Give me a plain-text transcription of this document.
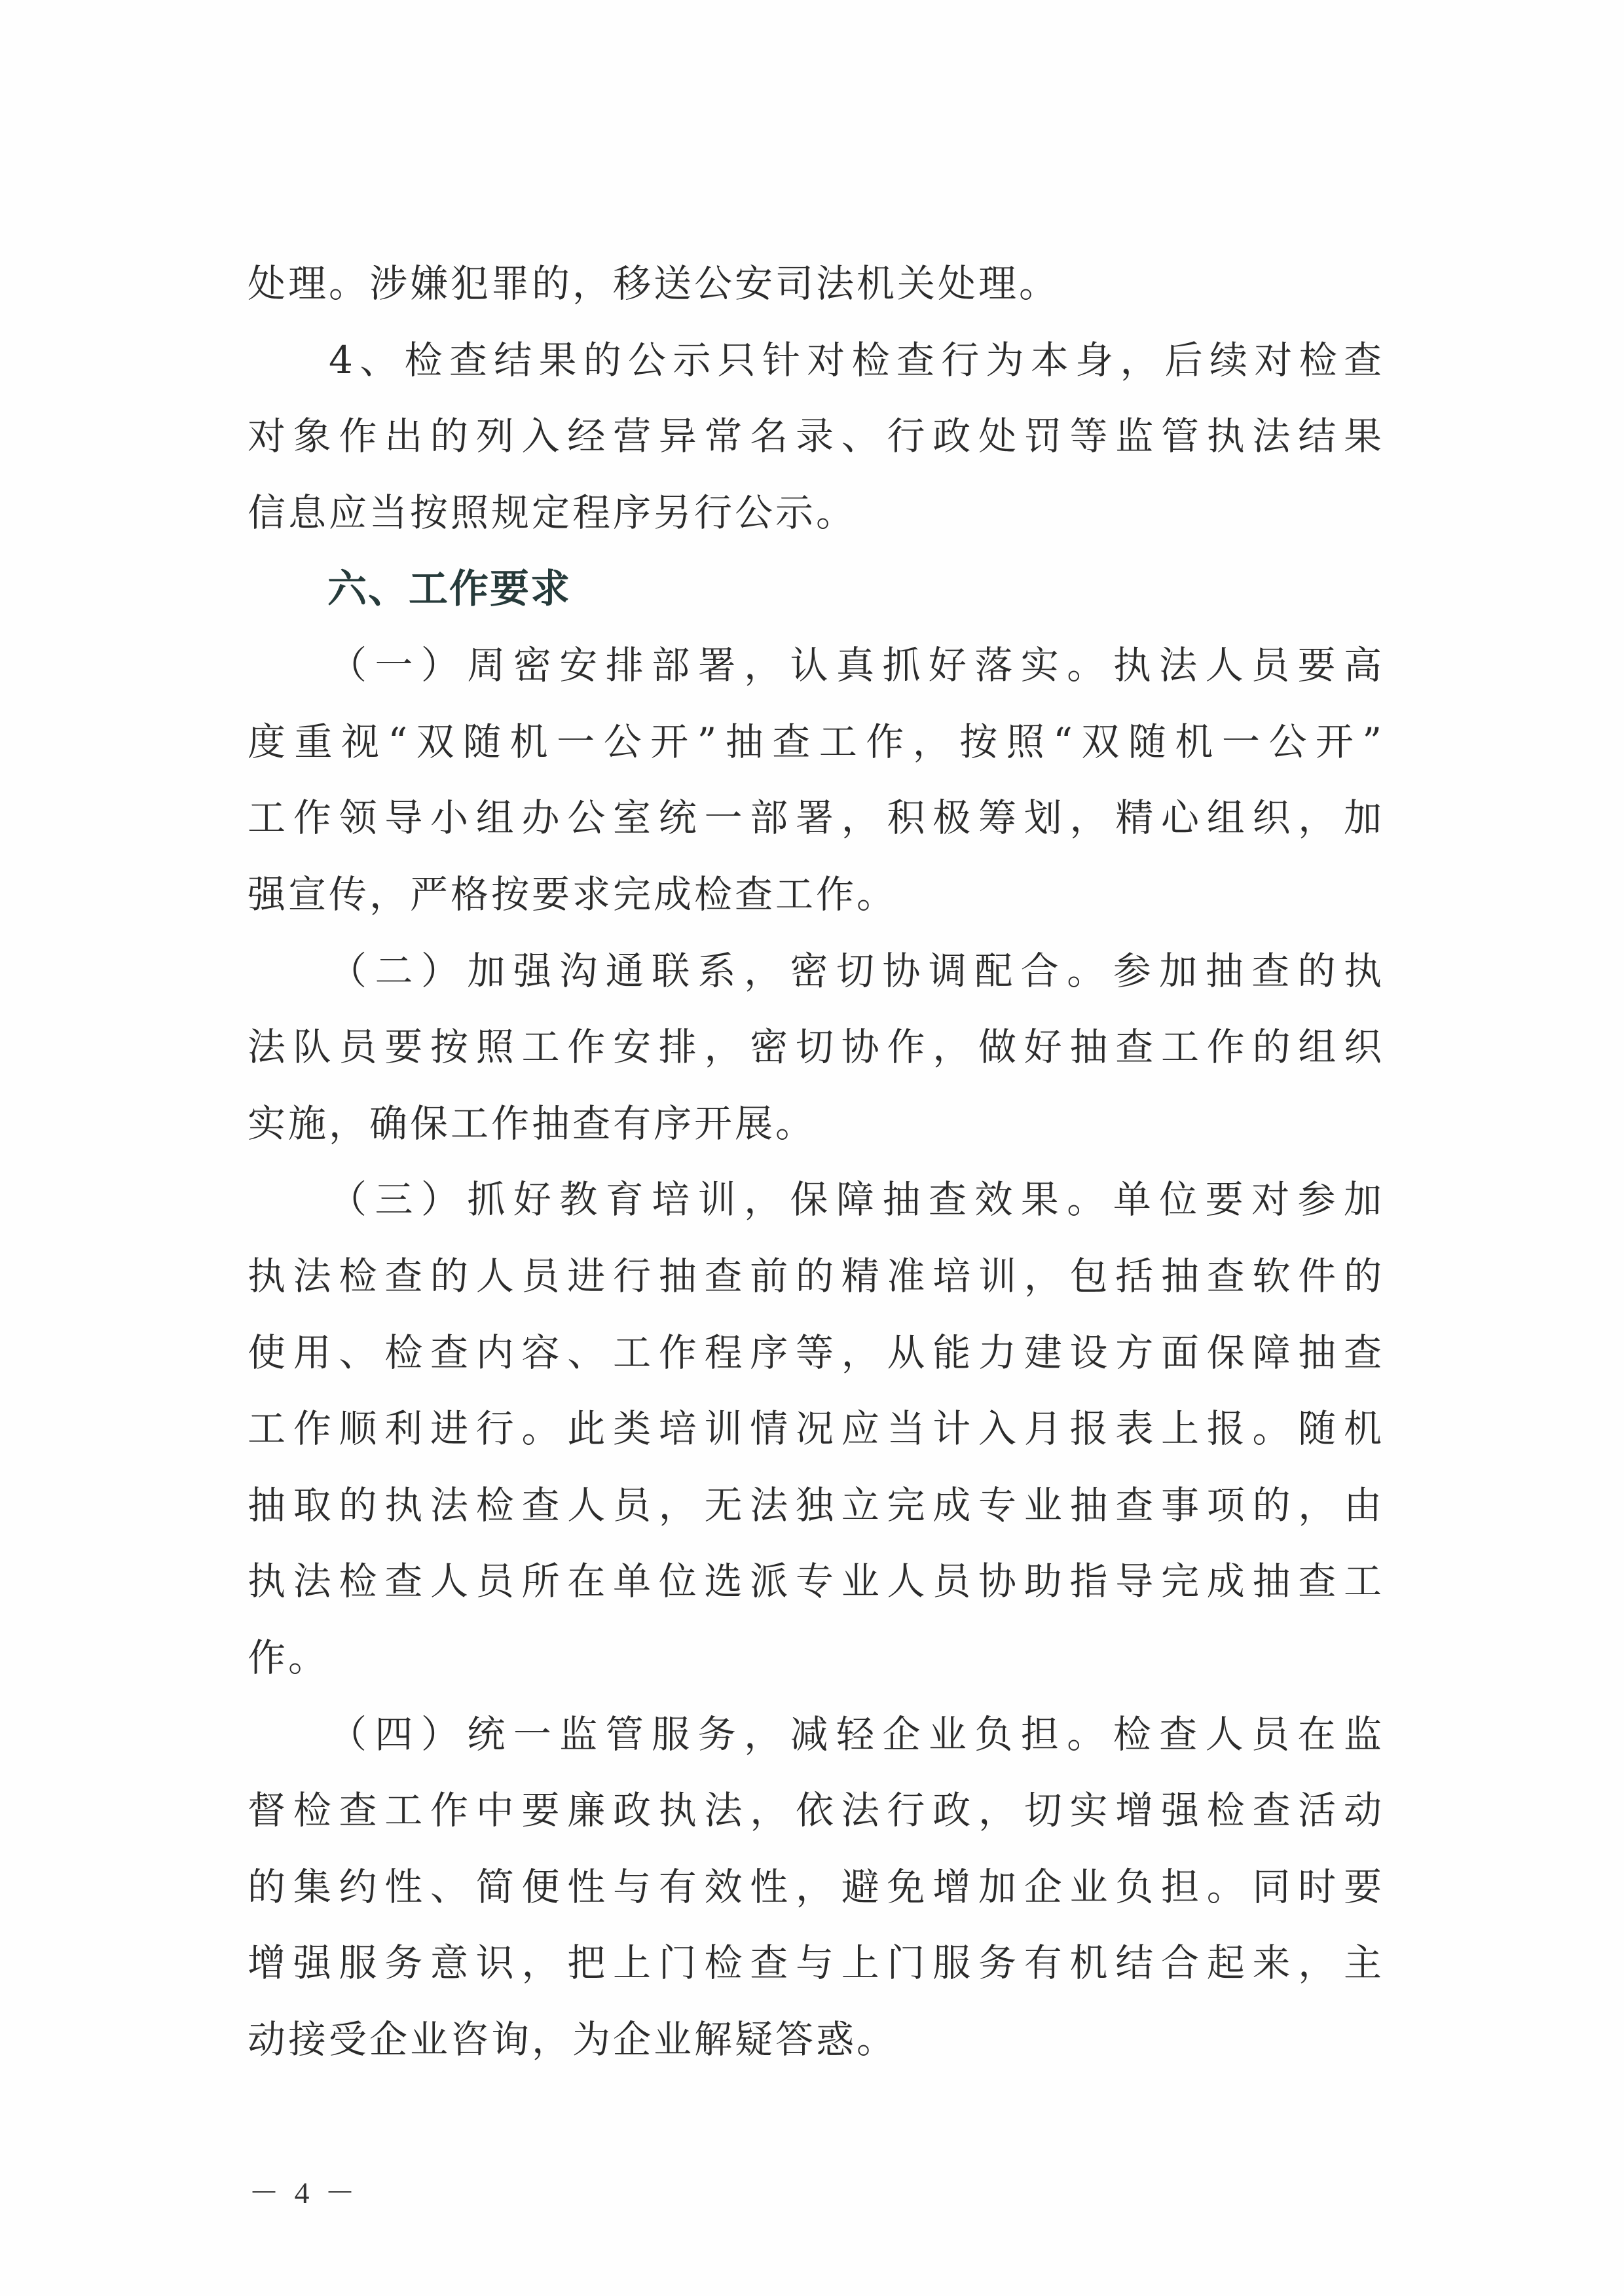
处理。涉嫌犯罪的，移送公安司法机关处理。
4、检查结果的公示只针对检查行为本身，后续对检查
对象作出的列入经营异常名录、行政处罚等监管执法结果
信息应当按照规定程序另行公示。
六、工作要求
（一）周密安排部署，认真抓好落实。执法人员要高
度重视“双随机一公开”抽查工作，按照“双随机一公开”
工作领导小组办公室统一部署，积极筹划，精心组织，加
强宣传，严格按要求完成检查工作。
（二）加强沟通联系，密切协调配合。参加抽查的执
法队员要按照工作安排，密切协作，做好抽查工作的组织
实施，确保工作抽查有序开展。
（三）抓好教育培训，保障抽查效果。单位要对参加
执法检查的人员进行抽查前的精准培训，包括抽查软件的
使用、检查内容、工作程序等，从能力建设方面保障抽查
工作顺利进行。此类培训情况应当计入月报表上报。随机
抽取的执法检查人员，无法独立完成专业抽查事项的，由
执法检查人员所在单位选派专业人员协助指导完成抽查工
作。
（四）统一监管服务，减轻企业负担。检查人员在监
督检查工作中要廉政执法，依法行政，切实增强检查活动
的集约性、简便性与有效性，避免增加企业负担。同时要
增强服务意识，把上门检查与上门服务有机结合起来，主
动接受企业咨询，为企业解疑答惑。
－ 4 －
